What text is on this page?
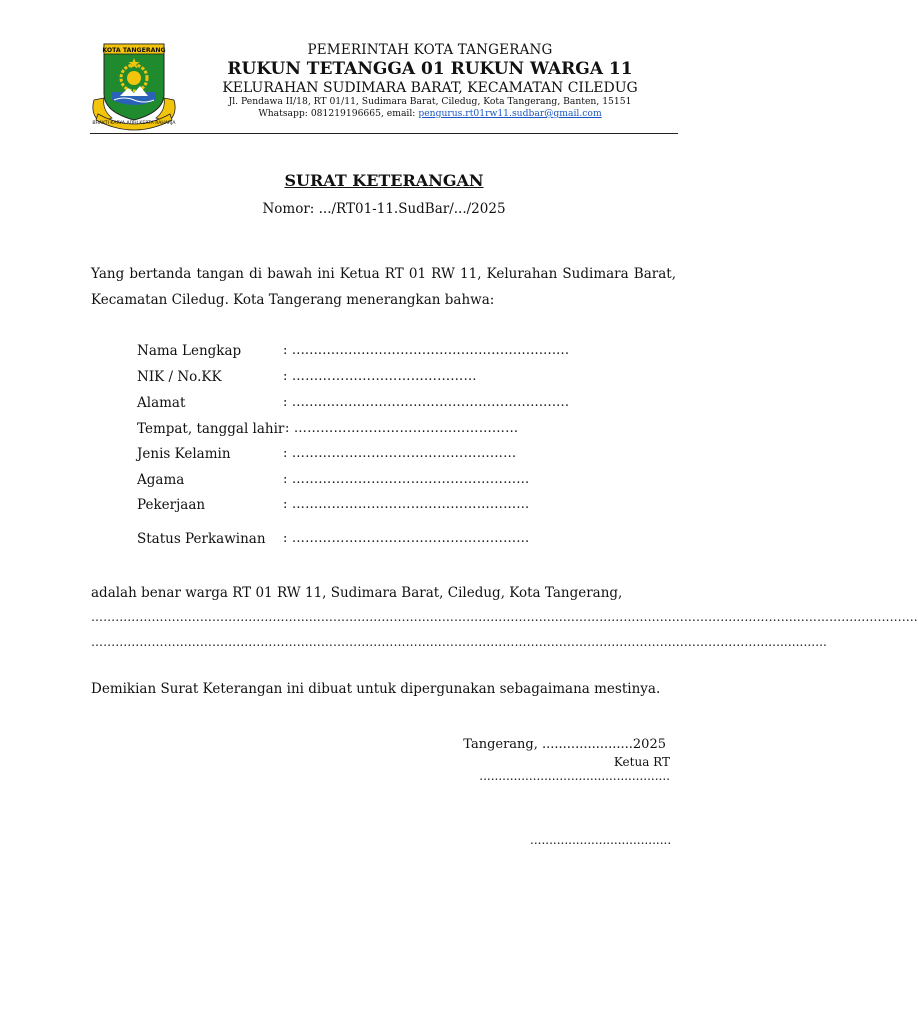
KOTA TANGERANG
BHAKTI KARYA ADHI KERTA RAHARJA
PEMERINTAH KOTA TANGERANG
RUKUN TETANGGA 01 RUKUN WARGA 11
KELURAHAN SUDIMARA BARAT, KECAMATAN CILEDUG
Jl. Pendawa II/18, RT 01/11, Sudimara Barat, Ciledug, Kota Tangerang, Banten, 15151
Whatsapp: 081219196665, email: pengurus.rt01rw11.sudbar@gmail.com
SURAT KETERANGAN
Nomor: .../RT01-11.SudBar/.../2025
Yang bertanda tangan di bawah ini Ketua RT 01 RW 11, Kelurahan Sudimara Barat, Kecamatan Ciledug. Kota Tangerang menerangkan bahwa:
Nama Lengkap	: ................................................................
NIK / No.KK	: ……………………………………
Alamat	: ................................................................
Tempat, tanggal lahir : ……………………………………………
Jenis Kelamin	: ……………………………………………
Agama	: ………………………………………………
Pekerjaan	: ………………………………………………
Status Perkawinan : ………………………………………………
adalah benar warga RT 01 RW 11, Sudimara Barat, Ciledug, Kota Tangerang,
…………………………………………………………………………………………………………………………………………………………………………………….
…………………………………………………………………………………………………………………………………………………..................
Demikian Surat Keterangan ini dibuat untuk dipergunakan sebagaimana mestinya.
Tangerang, ......................2025
Ketua RT ..................................................
.....................................
